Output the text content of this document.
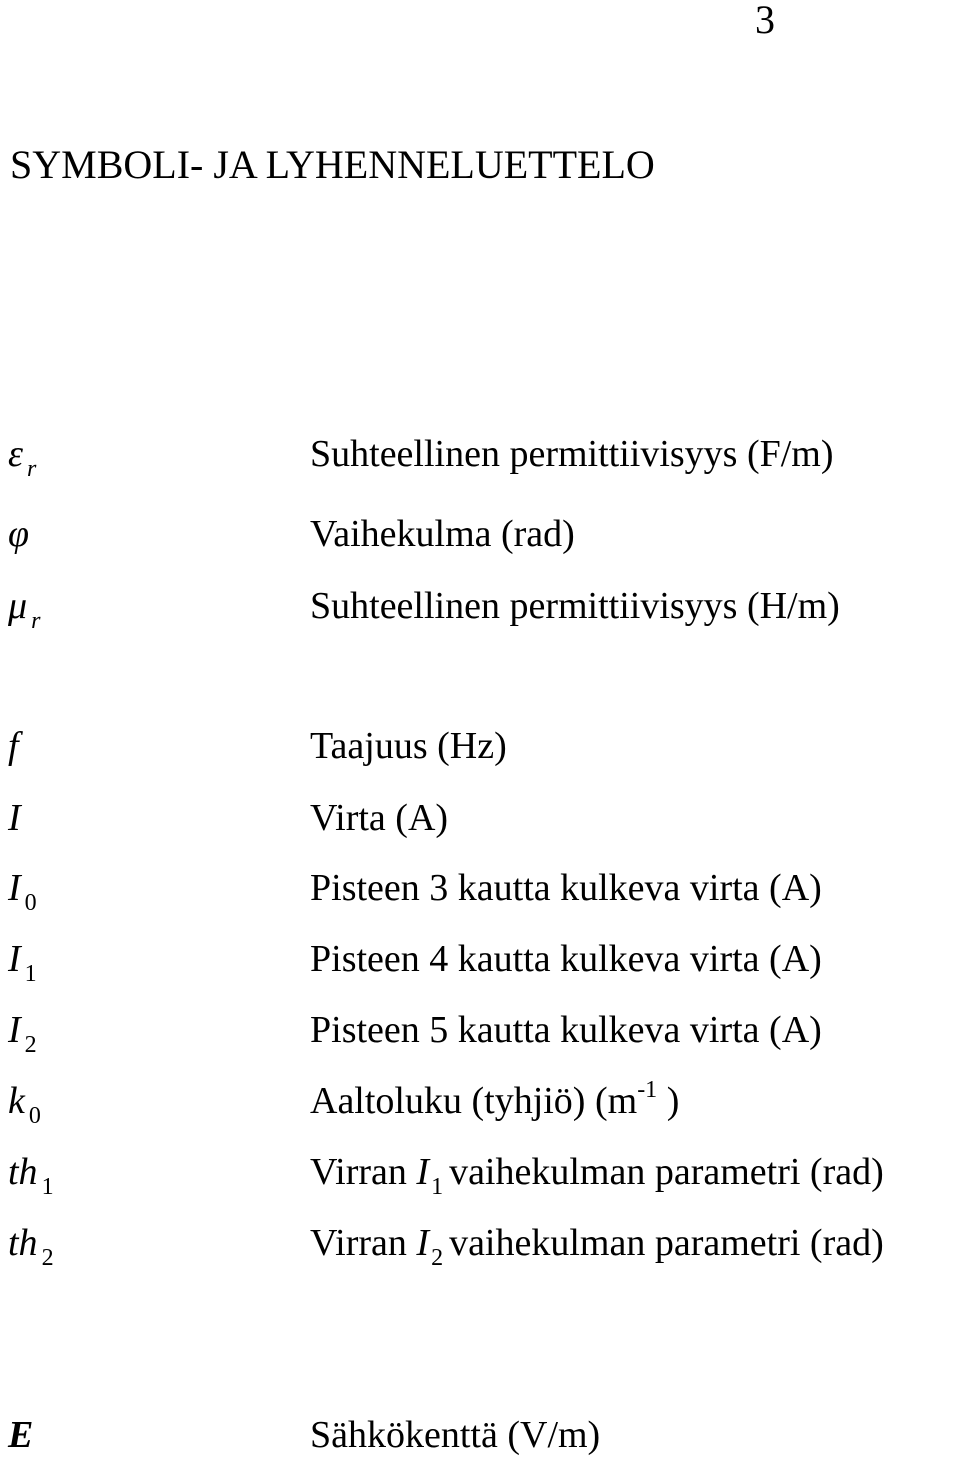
3
SYMBOLI- JA LYHENNELUETTELO
ε $_r$	Suhteellinen permittiivisyys (F/m)
φ	Vaihekulma (rad)
μ $_r$	Suhteellinen permittiivisyys (H/m)
f	Taajuus (Hz)
I	Virta (A)
I $_0$	Pisteen 3 kautta kulkeva virta (A)
I $_1$	Pisteen 4 kautta kulkeva virta (A)
I $_2$	Pisteen 5 kautta kulkeva virta (A)
k $_0$	Aaltoluku (tyhjiö) ($m^{-1}$ )
th $_1$	Virran $I_1$ vaihekulman parametri (rad)
th $_2$	Virran $I_2$ vaihekulman parametri (rad)
E	Sähkökenttä (V/m)
